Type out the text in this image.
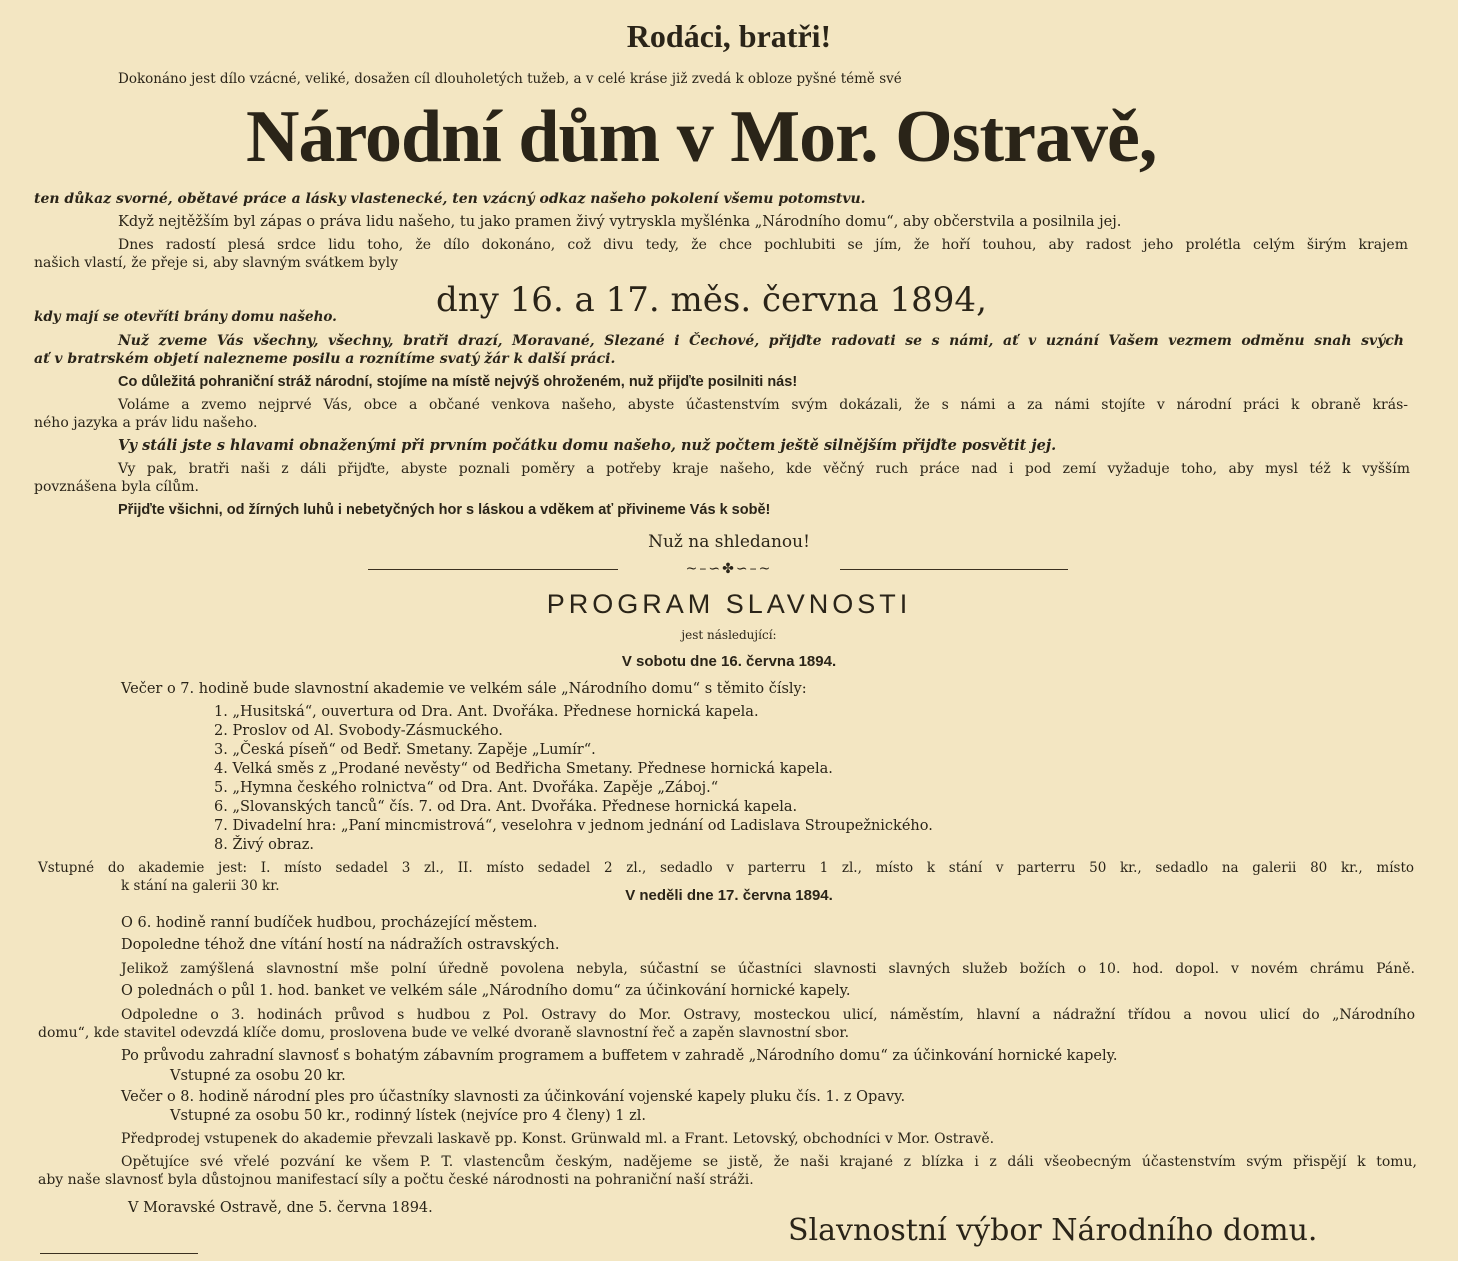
Rodáci, bratři!
Dokonáno jest dílo vzácné, veliké, dosažen cíl dlouholetých tužeb, a v celé kráse již zvedá k obloze pyšné témě své
Národní dům v Mor. Ostravě,
ten důkaz svorné, obětavé práce a lásky vlastenecké, ten vzácný odkaz našeho pokolení všemu potomstvu.
Když nejtěžším byl zápas o práva lidu našeho, tu jako pramen živý vytryskla myšlénka „Národního domu“, aby občerstvila a posilnila jej.
Dnes radostí plesá srdce lidu toho, že dílo dokonáno, což divu tedy, že chce pochlubiti se jím, že hoří touhou, aby radost jeho prolétla celým širým krajem
našich vlastí, že přeje si, aby slavným svátkem byly
kdy mají se otevříti brány domu našeho.	dny 16. a 17. měs. června 1894,
Nuž zveme Vás všechny, všechny, bratři drazí, Moravané, Slezané i Čechové, přijďte radovati se s námi, ať v uznání Vašem vezmem odměnu snah svých
ať v bratrském objetí nalezneme posilu a roznítíme svatý žár k další práci.
Co důležitá pohraniční stráž národní, stojíme na místě nejvýš ohroženém, nuž přijďte posilniti nás!
Voláme a zvemo nejprvé Vás, obce a občané venkova našeho, abyste účastenstvím svým dokázali, že s námi a za námi stojíte v národní práci k obraně krás-
ného jazyka a práv lidu našeho.
Vy stáli jste s hlavami obnaženými při prvním počátku domu našeho, nuž počtem ještě silnějším přijďte posvětit jej.
Vy pak, bratři naši z dáli přijďte, abyste poznali poměry a potřeby kraje našeho, kde věčný ruch práce nad i pod zemí vyžaduje toho, aby mysl též k vyšším
povznášena byla cílům.
Přijďte všichni, od žírných luhů i nebetyčných hor s láskou a vděkem ať přivineme Vás k sobě!
Nuž na shledanou!
~–∽✤∽–~
PROGRAM SLAVNOSTI
jest následující:
V sobotu dne 16. června 1894.
Večer o 7. hodině bude slavnostní akademie ve velkém sále „Národního domu“ s těmito čísly:
1. „Husitská“, ouvertura od Dra. Ant. Dvořáka. Přednese hornická kapela.
2. Proslov od Al. Svobody-Zásmuckého.
3. „Česká píseň“ od Bedř. Smetany. Zapěje „Lumír“.
4. Velká směs z „Prodané nevěsty“ od Bedřicha Smetany. Přednese hornická kapela.
5. „Hymna českého rolnictva“ od Dra. Ant. Dvořáka. Zapěje „Záboj.“
6. „Slovanských tanců“ čís. 7. od Dra. Ant. Dvořáka. Přednese hornická kapela.
7. Divadelní hra: „Paní mincmistrová“, veselohra v jednom jednání od Ladislava Stroupežnického.
8. Živý obraz.
Vstupné do akademie jest: I. místo sedadel 3 zl., II. místo sedadel 2 zl., sedadlo v parterru 1 zl., místo k stání v parterru 50 kr., sedadlo na galerii 80 kr., místo
k stání na galerii 30 kr.
V neděli dne 17. června 1894.
O 6. hodině ranní budíček hudbou, procházející městem.
Dopoledne téhož dne vítání hostí na nádražích ostravských.
Jelikož zamýšlená slavnostní mše polní úředně povolena nebyla, súčastní se účastníci slavnosti slavných služeb božích o 10. hod. dopol. v novém chrámu Páně.
O polednách o půl 1. hod. banket ve velkém sále „Národního domu“ za účinkování hornické kapely.
Odpoledne o 3. hodinách průvod s hudbou z Pol. Ostravy do Mor. Ostravy, mosteckou ulicí, náměstím, hlavní a nádražní třídou a novou ulicí do „Národního
domu“, kde stavitel odevzdá klíče domu, proslovena bude ve velké dvoraně slavnostní řeč a zapěn slavnostní sbor.
Po průvodu zahradní slavnosť s bohatým zábavním programem a buffetem v zahradě „Národního domu“ za účinkování hornické kapely.
Vstupné za osobu 20 kr.
Večer o 8. hodině národní ples pro účastníky slavnosti za účinkování vojenské kapely pluku čís. 1. z Opavy.
Vstupné za osobu 50 kr., rodinný lístek (nejvíce pro 4 členy) 1 zl.
Předprodej vstupenek do akademie převzali laskavě pp. Konst. Grünwald ml. a Frant. Letovský, obchodníci v Mor. Ostravě.
Opětujíce své vřelé pozvání ke všem P. T. vlastencům českým, nadějeme se jistě, že naši krajané z blízka i z dáli všeobecným účastenstvím svým přispějí k tomu,
aby naše slavnosť byla důstojnou manifestací síly a počtu české národnosti na pohraniční naší stráži.
V Moravské Ostravě, dne 5. června 1894.
Slavnostní výbor Národního domu.
